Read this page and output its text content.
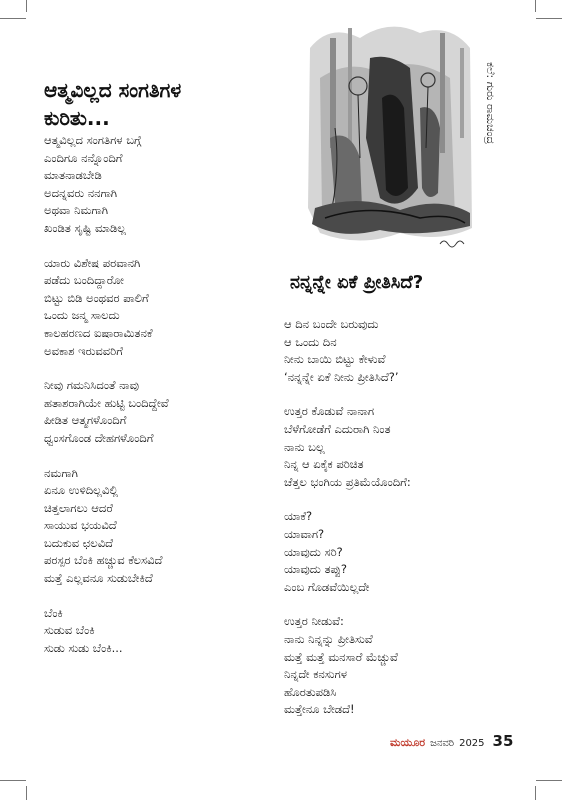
ಆತ್ಮವಿಲ್ಲದ ಸಂಗತಿಗಳ
ಕುರಿತು...
ಆತ್ಮವಿಲ್ಲದ ಸಂಗತಿಗಳ ಬಗ್ಗೆ
ಎಂದಿಗೂ ನನ್ನೊಂದಿಗೆ
ಮಾತನಾಡಬೇಡಿ
ಅದನ್ನವರು ನನಗಾಗಿ
ಅಥವಾ ನಿಮಗಾಗಿ
ಖಂಡಿತ ಸೃಷ್ಟಿ ಮಾಡಿಲ್ಲ
ಯಾರು ವಿಶೇಷ ಪರವಾನಗಿ
ಪಡೆದು ಬಂದಿದ್ದಾರೋ
ಬಿಟ್ಟು ಬಿಡಿ ಅಂಥವರ ಪಾಲಿಗೆ
ಒಂದು ಜನ್ಮ ಸಾಲದು
ಕಾಲಹರಣದ ಐಷಾರಾಮಿತನಕೆ
ಅವಕಾಶ ಇರುವವರಿಗೆ
ನೀವು ಗಮನಿಸಿದಂತೆ ನಾವು
ಹತಾಶರಾಗಿಯೇ ಹುಟ್ಟಿ ಬಂದಿದ್ದೇವೆ
ಪೀಡಿತ ಆತ್ಮಗಳೊಂದಿಗೆ
ಧ್ವಂಸಗೊಂಡ ದೇಹಗಳೊಂದಿಗೆ
ನಮಗಾಗಿ
ಏನೂ ಉಳಿದಿಲ್ಲವಿಲ್ಲಿ
ಚಿತ್ತಲಾಗಲು ಆದರೆ
ಸಾಯುವ ಭಯವಿದೆ
ಬದುಕುವ ಛಲವಿದೆ
ಪರಸ್ಪರ ಬೆಂಕಿ ಹಚ್ಚುವ ಕೆಲಸವಿದೆ
ಮತ್ತೆ ಎಲ್ಲವನೂ ಸುಡುಬೇಕಿದೆ
ಬೆಂಕಿ
ಸುಡುವ ಬೆಂಕಿ
ಸುಡು ಸುಡು ಬೆಂಕಿ...
ಕಲೆ: ಗುರು ರಾಮಚಂದ್ರ
ನನ್ನನ್ನೇ ಏಕೆ ಪ್ರೀತಿಸಿದೆ?
ಆ ದಿನ ಬಂದೇ ಬರುವುದು
ಆ ಒಂದು ದಿನ
ನೀನು ಬಾಯಿ ಬಿಟ್ಟು ಕೇಳುವೆ
‘ನನ್ನನ್ನೇ ಏಕೆ ನೀನು ಪ್ರೀತಿಸಿದೆ?’
ಉತ್ತರ ಕೊಡುವೆ ನಾನಾಗ
ಬೆಳೆಗೋಡೆಗೆ ಎದುರಾಗಿ ನಿಂತ
ನಾನು ಬಲ್ಲ
ನಿನ್ನ ಆ ಏಕೈಕ ಪರಿಚಿತ
ಚೆತ್ತಲ ಭಂಗಿಯ ಪ್ರತಿಮೆಯೊಂದಿಗೆ:
ಯಾಕೆ?
ಯಾವಾಗ?
ಯಾವುದು ಸರಿ?
ಯಾವುದು ತಪ್ಪು?
ಎಂಬ ಗೊಡವೆಯಿಲ್ಲದೇ
ಉತ್ತರ ನೀಡುವೆ:
ನಾನು ನಿನ್ನನ್ನು ಪ್ರೀತಿಸುವೆ
ಮತ್ತೆ ಮತ್ತೆ ಮನಸಾರೆ ಮೆಚ್ಚುವೆ
ನಿನ್ನದೇ ಕನಸುಗಳ
ಹೊರತುಪಡಿಸಿ
ಮತ್ತೇನೂ ಬೇಡದೆ!
ಮಯೂರ ಜನವರಿ 2025 35
